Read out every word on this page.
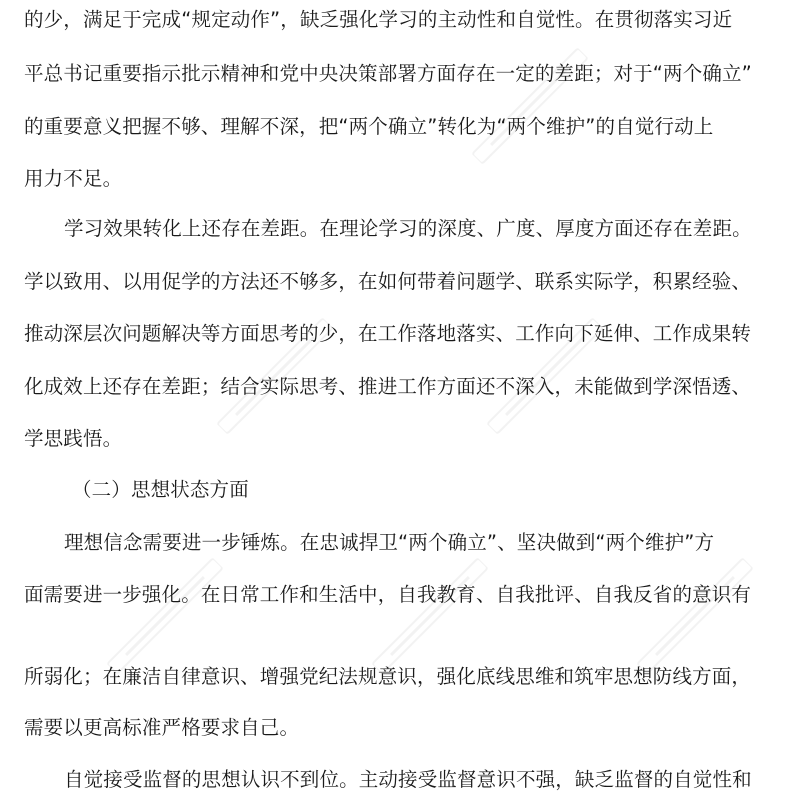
的少，满足于完成“规定动作”，缺乏强化学习的主动性和自觉性。在贯彻落实习近
平总书记重要指示批示精神和党中央决策部署方面存在一定的差距；对于“两个确立”
的重要意义把握不够、理解不深，把“两个确立”转化为“两个维护”的自觉行动上
用力不足。
学习效果转化上还存在差距。在理论学习的深度、广度、厚度方面还存在差距。
学以致用、以用促学的方法还不够多，在如何带着问题学、联系实际学，积累经验、
推动深层次问题解决等方面思考的少，在工作落地落实、工作向下延伸、工作成果转
化成效上还存在差距；结合实际思考、推进工作方面还不深入，未能做到学深悟透、
学思践悟。
（二）思想状态方面
理想信念需要进一步锤炼。在忠诚捍卫“两个确立”、坚决做到“两个维护”方
面需要进一步强化。在日常工作和生活中，自我教育、自我批评、自我反省的意识有
所弱化；在廉洁自律意识、增强党纪法规意识，强化底线思维和筑牢思想防线方面，
需要以更高标准严格要求自己。
自觉接受监督的思想认识不到位。主动接受监督意识不强，缺乏监督的自觉性和
